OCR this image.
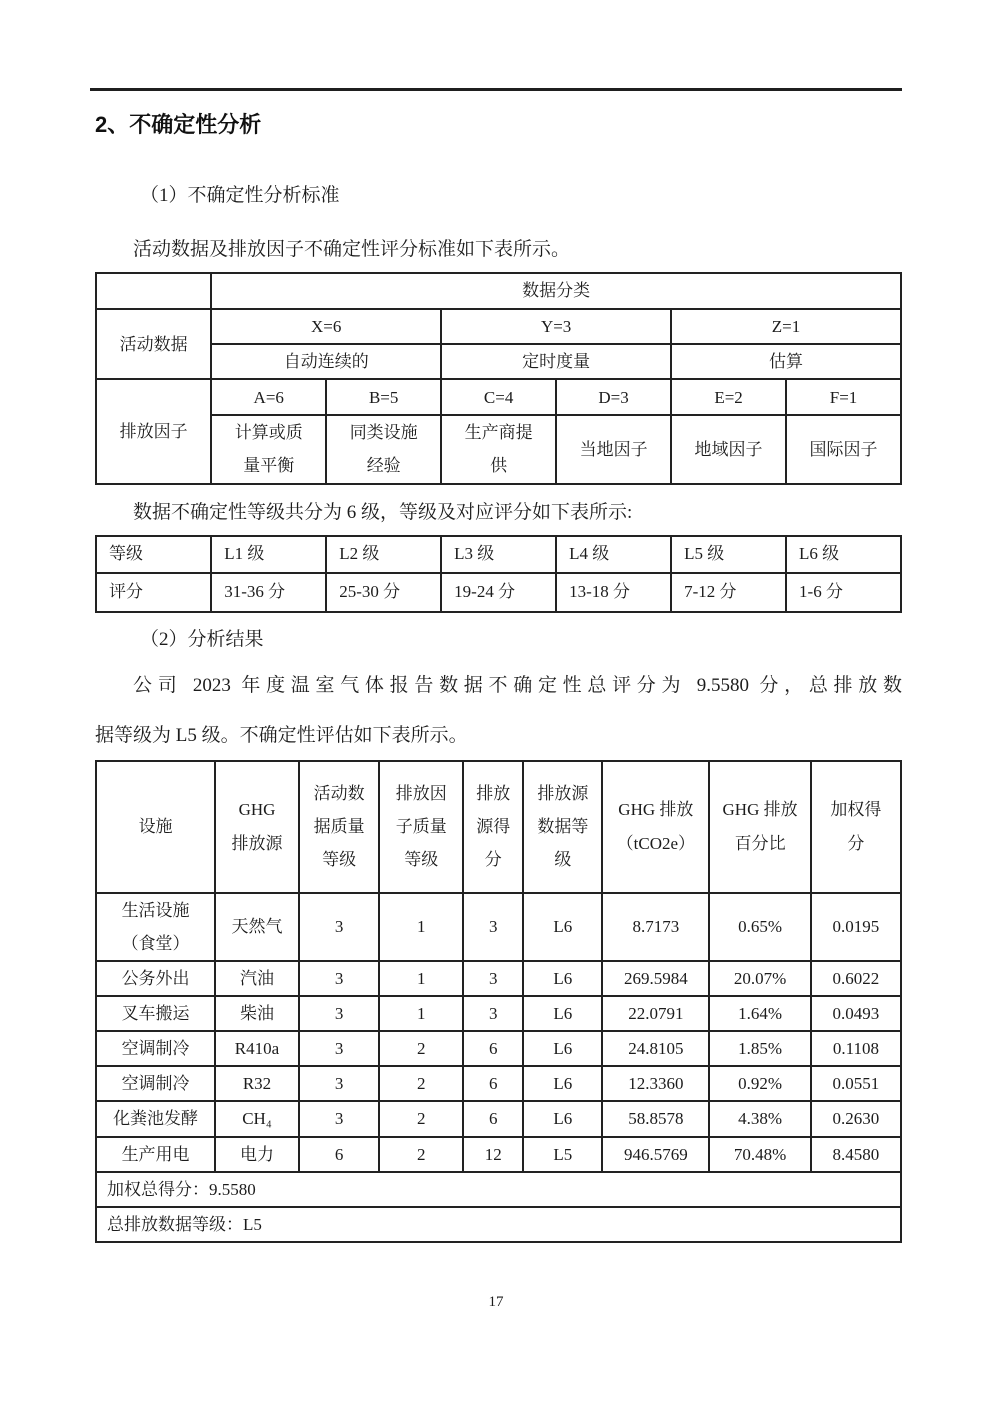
2、不确定性分析

（1）不确定性分析标准

活动数据及排放因子不确定性评分标准如下表所示。

	数据分类					
活动数据	X=6		Y=3		Z=1	
	自动连续的		定时度量		估算	
排放因子	A=6	B=5	C=4	D=3	E=2	F=1
	计算或质量平衡	同类设施经验	生产商提供	当地因子	地域因子	国际因子

数据不确定性等级共分为 6 级，等级及对应评分如下表所示:

等级	L1 级	L2 级	L3 级	L4 级	L5 级	L6 级
评分	31-36 分	25-30 分	19-24 分	13-18 分	7-12 分	1-6 分

（2）分析结果

公司 2023 年度温室气体报告数据不确定性总评分为 9.5580 分，总排放数

据等级为 L5 级。不确定性评估如下表所示。

设施	GHG 排放源	活动数据质量等级	排放因子质量等级	排放源得分	排放源数据等级	GHG 排放（tCO2e）	GHG 排放百分比	加权得分
生活设施（食堂）	天然气	3	1	3	L6	8.7173	0.65%	0.0195
公务外出	汽油	3	1	3	L6	269.5984	20.07%	0.6022
叉车搬运	柴油	3	1	3	L6	22.0791	1.64%	0.0493
空调制冷	R410a	3	2	6	L6	24.8105	1.85%	0.1108
空调制冷	R32	3	2	6	L6	12.3360	0.92%	0.0551
化粪池发酵	CH₄	3	2	6	L6	58.8578	4.38%	0.2630
生产用电	电力	6	2	12	L5	946.5769	70.48%	8.4580
加权总得分：9.5580								
总排放数据等级：L5								
17
